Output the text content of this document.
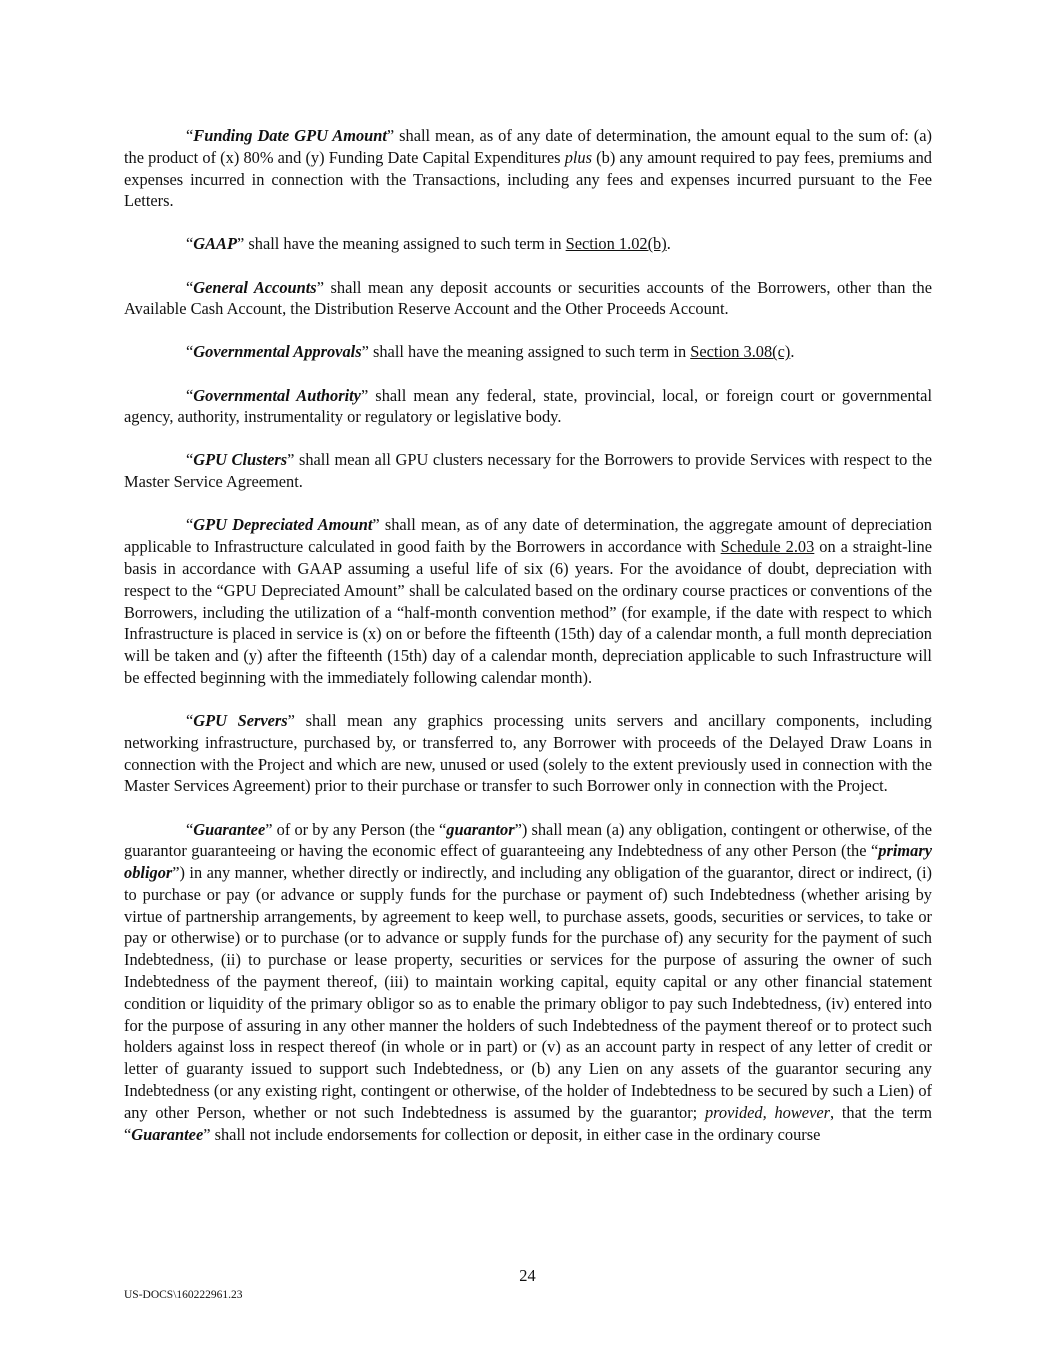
“Funding Date GPU Amount” shall mean, as of any date of determination, the amount equal to the sum of: (a) the product of (x) 80% and (y) Funding Date Capital Expenditures plus (b) any amount required to pay fees, premiums and expenses incurred in connection with the Transactions, including any fees and expenses incurred pursuant to the Fee Letters.

“GAAP” shall have the meaning assigned to such term in Section 1.02(b).

“General Accounts” shall mean any deposit accounts or securities accounts of the Borrowers, other than the Available Cash Account, the Distribution Reserve Account and the Other Proceeds Account.

“Governmental Approvals” shall have the meaning assigned to such term in Section 3.08(c).

“Governmental Authority” shall mean any federal, state, provincial, local, or foreign court or governmental agency, authority, instrumentality or regulatory or legislative body.

“GPU Clusters” shall mean all GPU clusters necessary for the Borrowers to provide Services with respect to the Master Service Agreement.

“GPU Depreciated Amount” shall mean, as of any date of determination, the aggregate amount of depreciation applicable to Infrastructure calculated in good faith by the Borrowers in accordance with Schedule 2.03 on a straight-line basis in accordance with GAAP assuming a useful life of six (6) years. For the avoidance of doubt, depreciation with respect to the “GPU Depreciated Amount” shall be calculated based on the ordinary course practices or conventions of the Borrowers, including the utilization of a “half-month convention method” (for example, if the date with respect to which Infrastructure is placed in service is (x) on or before the fifteenth (15th) day of a calendar month, a full month depreciation will be taken and (y) after the fifteenth (15th) day of a calendar month, depreciation applicable to such Infrastructure will be effected beginning with the immediately following calendar month).

“GPU Servers” shall mean any graphics processing units servers and ancillary components, including networking infrastructure, purchased by, or transferred to, any Borrower with proceeds of the Delayed Draw Loans in connection with the Project and which are new, unused or used (solely to the extent previously used in connection with the Master Services Agreement) prior to their purchase or transfer to such Borrower only in connection with the Project.

“Guarantee” of or by any Person (the “guarantor”) shall mean (a) any obligation, contingent or otherwise, of the guarantor guaranteeing or having the economic effect of guaranteeing any Indebtedness of any other Person (the “primary obligor”) in any manner, whether directly or indirectly, and including any obligation of the guarantor, direct or indirect, (i) to purchase or pay (or advance or supply funds for the purchase or payment of) such Indebtedness (whether arising by virtue of partnership arrangements, by agreement to keep well, to purchase assets, goods, securities or services, to take or pay or otherwise) or to purchase (or to advance or supply funds for the purchase of) any security for the payment of such Indebtedness, (ii) to purchase or lease property, securities or services for the purpose of assuring the owner of such Indebtedness of the payment thereof, (iii) to maintain working capital, equity capital or any other financial statement condition or liquidity of the primary obligor so as to enable the primary obligor to pay such Indebtedness, (iv) entered into for the purpose of assuring in any other manner the holders of such Indebtedness of the payment thereof or to protect such holders against loss in respect thereof (in whole or in part) or (v) as an account party in respect of any letter of credit or letter of guaranty issued to support such Indebtedness, or (b) any Lien on any assets of the guarantor securing any Indebtedness (or any existing right, contingent or otherwise, of the holder of Indebtedness to be secured by such a Lien) of any other Person, whether or not such Indebtedness is assumed by the guarantor; provided, however, that the term “Guarantee” shall not include endorsements for collection or deposit, in either case in the ordinary course

24
US-DOCS\160222961.23
